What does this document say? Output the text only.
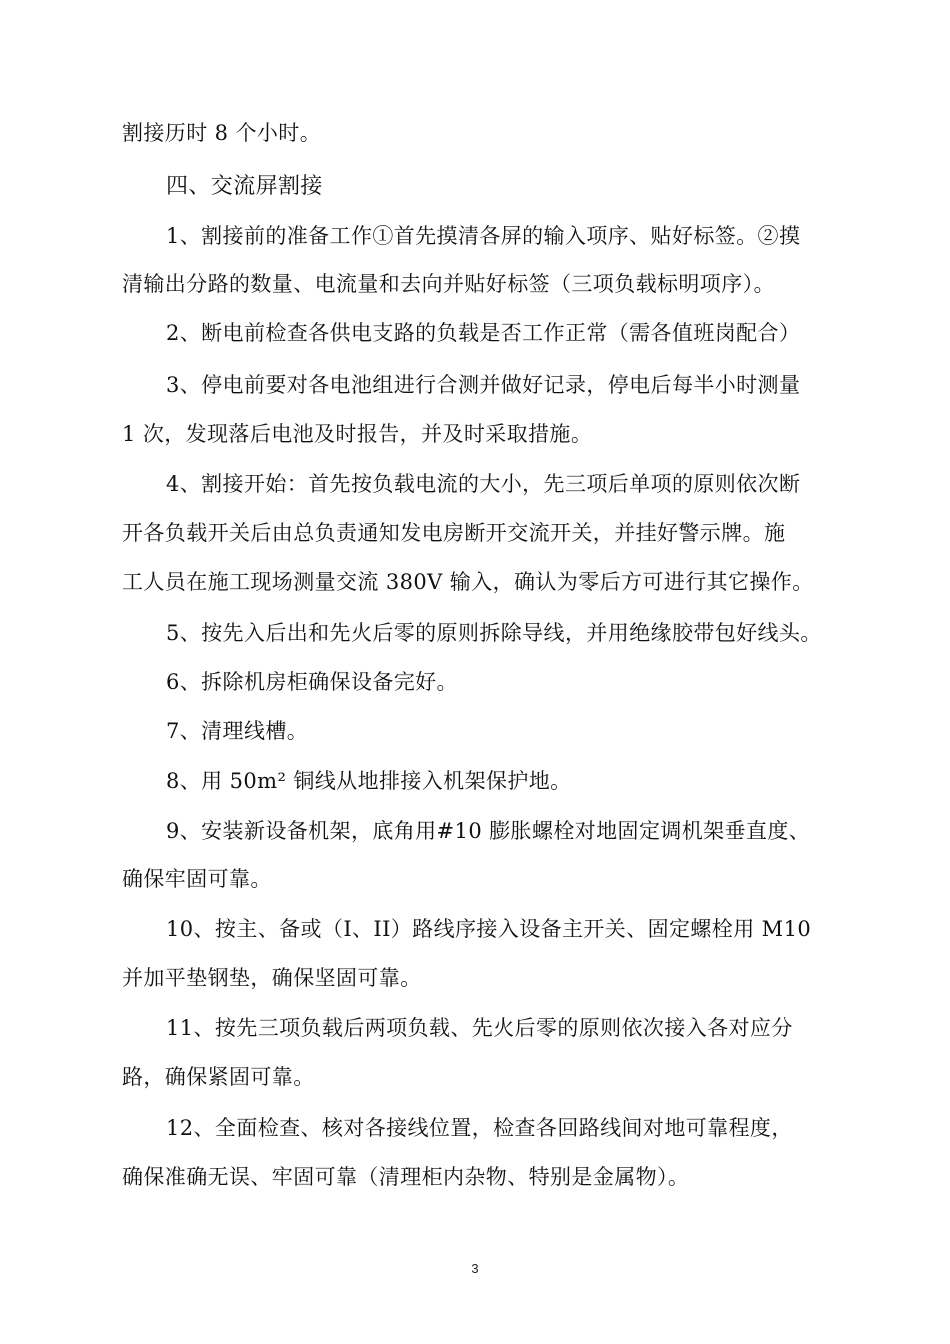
割接历时 8 个小时。
四、交流屏割接
1、割接前的准备工作①首先摸清各屏的输入项序、贴好标签。②摸
清输出分路的数量、电流量和去向并贴好标签（三项负载标明项序）。
2、断电前检查各供电支路的负载是否工作正常（需各值班岗配合）
3、停电前要对各电池组进行合测并做好记录，停电后每半小时测量
1 次，发现落后电池及时报告，并及时采取措施。
4、割接开始：首先按负载电流的大小，先三项后单项的原则依次断
开各负载开关后由总负责通知发电房断开交流开关，并挂好警示牌。施
工人员在施工现场测量交流 380V 输入，确认为零后方可进行其它操作。
5、按先入后出和先火后零的原则拆除导线，并用绝缘胶带包好线头。
6、拆除机房柜确保设备完好。
7、清理线槽。
8、用 50m² 铜线从地排接入机架保护地。
9、安装新设备机架，底角用#10 膨胀螺栓对地固定调机架垂直度、
确保牢固可靠。
10、按主、备或（I、II）路线序接入设备主开关、固定螺栓用 M10
并加平垫钢垫，确保坚固可靠。
11、按先三项负载后两项负载、先火后零的原则依次接入各对应分
路，确保紧固可靠。
12、全面检查、核对各接线位置，检查各回路线间对地可靠程度，
确保准确无误、牢固可靠（清理柜内杂物、特别是金属物）。
3
